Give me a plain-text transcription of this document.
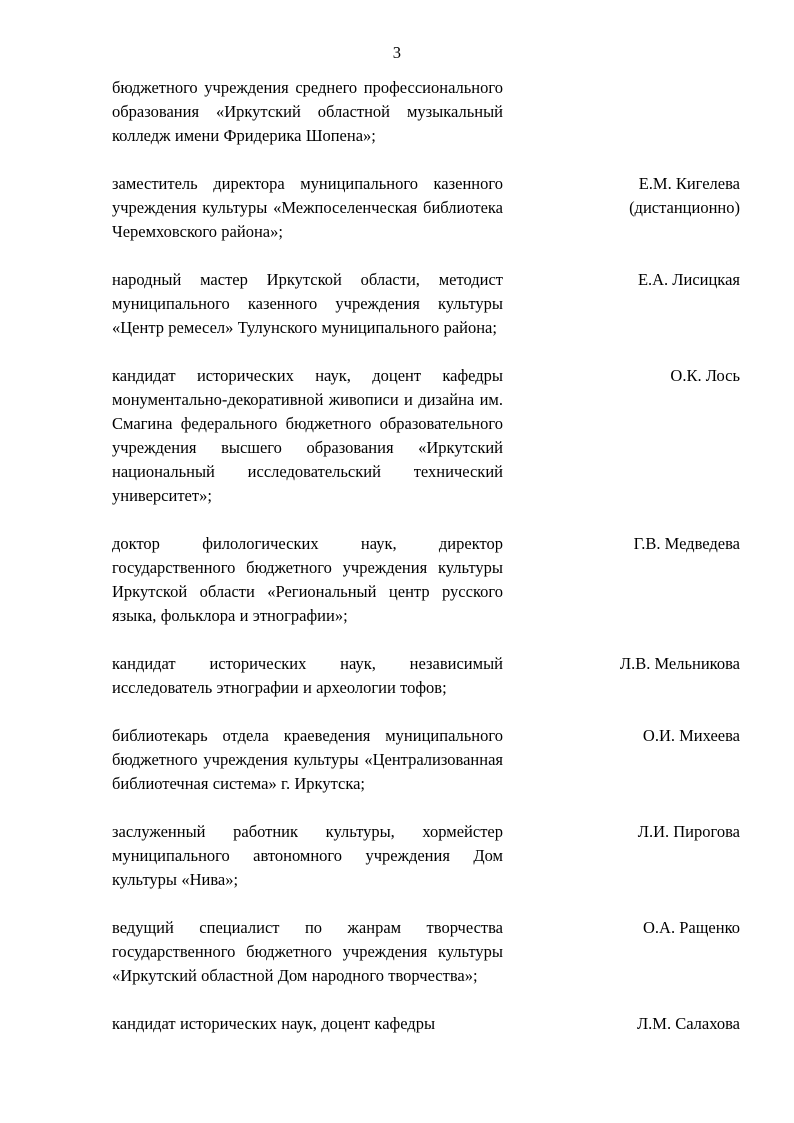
3
бюджетного учреждения среднего профессионального образования «Иркутский областной музыкальный колледж имени Фридерика Шопена»;
заместитель директора муниципального казенного учреждения культуры «Межпоселенческая библиотека Черемховского района»;
Е.М. Кигелева
(дистанционно)
народный мастер Иркутской области, методист муниципального казенного учреждения культуры «Центр ремесел» Тулунского муниципального района;
Е.А. Лисицкая
кандидат исторических наук, доцент кафедры монументально-декоративной живописи и дизайна им. Смагина федерального бюджетного образовательного учреждения высшего образования «Иркутский национальный исследовательский технический университет»;
О.К. Лось
доктор филологических наук, директор государственного бюджетного учреждения культуры Иркутской области «Региональный центр русского языка, фольклора и этнографии»;
Г.В. Медведева
кандидат исторических наук, независимый исследователь этнографии и археологии тофов;
Л.В. Мельникова
библиотекарь отдела краеведения муниципального бюджетного учреждения культуры «Централизованная библиотечная система» г. Иркутска;
О.И. Михеева
заслуженный работник культуры, хормейстер муниципального автономного учреждения Дом культуры «Нива»;
Л.И. Пирогова
ведущий специалист по жанрам творчества государственного бюджетного учреждения культуры «Иркутский областной Дом народного творчества»;
О.А. Ращенко
кандидат исторических наук, доцент кафедры	Л.М. Салахова
